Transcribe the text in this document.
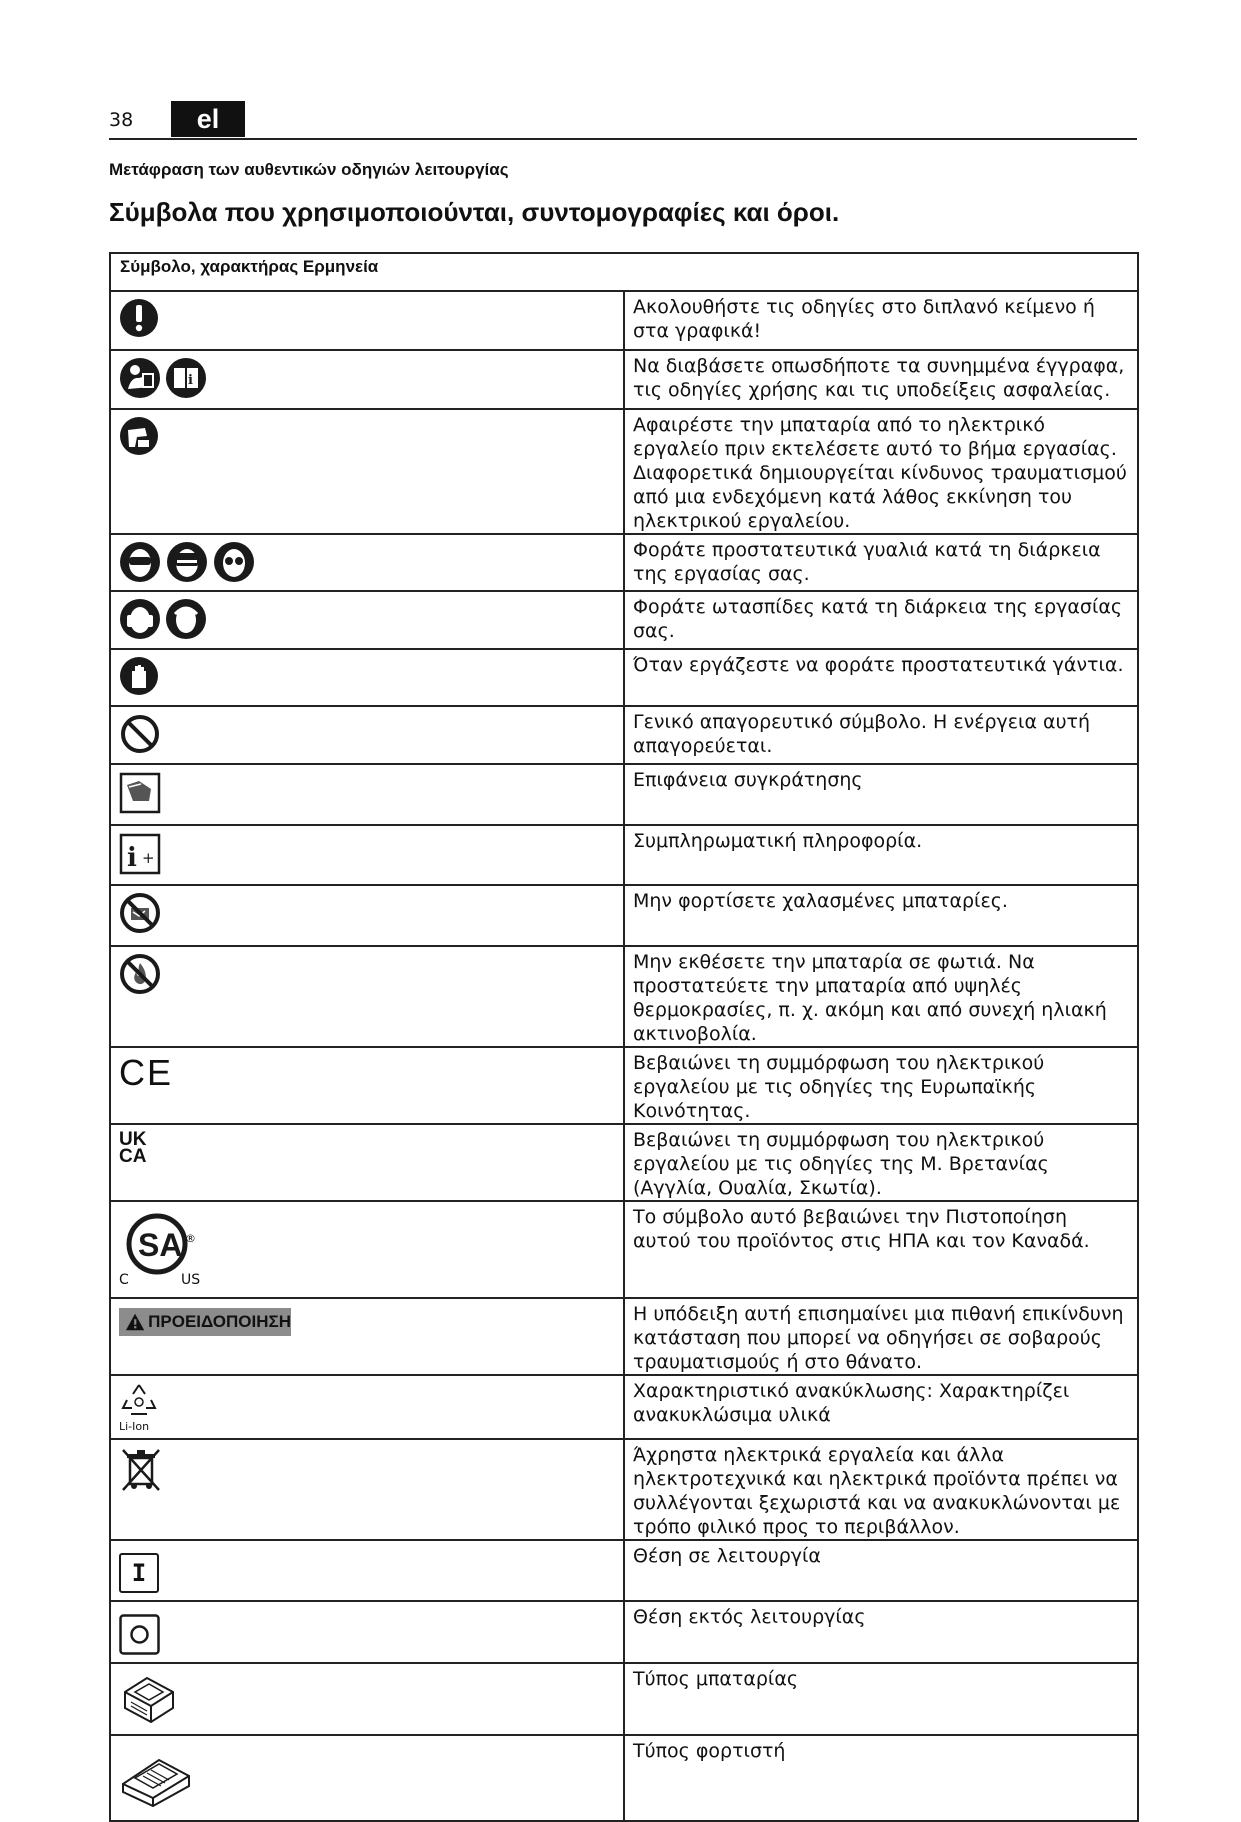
38	el
Μετάφραση των αυθεντικών οδηγιών λειτουργίας
Σύμβολα που χρησιμοποιούνται, συντομογραφίες και όροι.
Σύμβολο, χαρακτήρας Ερμηνεία	

	Ακολουθήστε τις οδηγίες στο διπλανό κείμενο ή στα γραφικά!

i	Να διαβάσετε οπωσδήποτε τα συνημμένα έγγραφα, τις οδηγίες χρήσης και τις υποδείξεις ασφαλείας.

	Αφαιρέστε την μπαταρία από το ηλεκτρικό εργαλείο πριν εκτελέσετε αυτό το βήμα εργασίας. Διαφορετικά δημιουργείται κίνδυνος τραυματισμού από μια ενδεχόμενη κατά λάθος εκκίνηση του ηλεκτρικού εργαλείου.

	Φοράτε προστατευτικά γυαλιά κατά τη διάρκεια της εργασίας σας.

	Φοράτε ωτασπίδες κατά τη διάρκεια της εργασίας σας.

	Όταν εργάζεστε να φοράτε προστατευτικά γάντια.

	Γενικό απαγορευτικό σύμβολο. Η ενέργεια αυτή απαγορεύεται.

	Επιφάνεια συγκράτησης

i +	Συμπληρωματική πληροφορία.

	Μην φορτίσετε χαλασμένες μπαταρίες.

	Μην εκθέσετε την μπαταρία σε φωτιά. Να προστατεύετε την μπαταρία από υψηλές θερμοκρασίες, π. χ. ακόμη και από συνεχή ηλιακή ακτινοβολία.

CE	Βεβαιώνει τη συμμόρφωση του ηλεκτρικού εργαλείου με τις οδηγίες της Ευρωπαϊκής Κοινότητας.

UK
CA	Βεβαιώνει τη συμμόρφωση του ηλεκτρικού εργαλείου με τις οδηγίες της Μ. Βρετανίας (Αγγλία, Ουαλία, Σκωτία).

SA
C US
®	Το σύμβολο αυτό βεβαιώνει την Πιστοποίηση αυτού του προϊόντος στις ΗΠΑ και τον Καναδά.

ΠΡΟΕΙΔΟΠΟΙΗΣΗ	Η υπόδειξη αυτή επισημαίνει μια πιθανή επικίνδυνη κατάσταση που μπορεί να οδηγήσει σε σοβαρούς τραυματισμούς ή στο θάνατο.

Li-Ion	Χαρακτηριστικό ανακύκλωσης: Χαρακτηρίζει ανακυκλώσιμα υλικά

	Άχρηστα ηλεκτρικά εργαλεία και άλλα ηλεκτροτεχνικά και ηλεκτρικά προϊόντα πρέπει να συλλέγονται ξεχωριστά και να ανακυκλώνονται με τρόπο φιλικό προς το περιβάλλον.

I	Θέση σε λειτουργία

	Θέση εκτός λειτουργίας

	Τύπος μπαταρίας

	Τύπος φορτιστή
